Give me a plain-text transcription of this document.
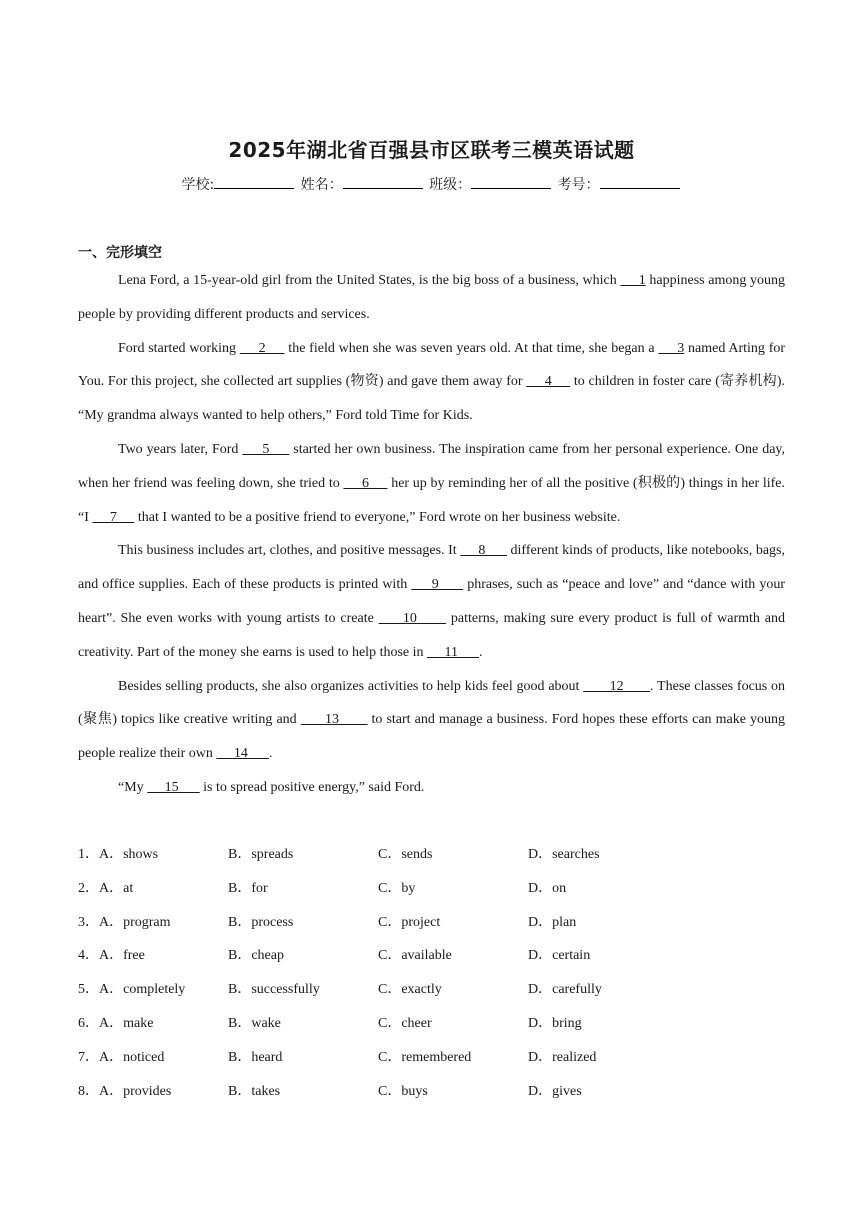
2025年湖北省百强县市区联考三模英语试题
学校:	姓名：	班级：	考号：
一、完形填空

Lena Ford, a 15-year-old girl from the United States, is the big boss of a business, which      1 happiness among young people by providing different products and services.

Ford started working      2      the field when she was seven years old. At that time, she began a      3 named Arting for You. For this project, she collected art supplies (物资) and gave them away for      4      to children in foster care (寄养机构). “My grandma always wanted to help others,” Ford told Time for Kids.

Two years later, Ford      5      started her own business. The inspiration came from her personal experience. One day, when her friend was feeling down, she tried to      6      her up by reminding her of all the positive (积极的) things in her life. “I      7      that I wanted to be a positive friend to everyone,” Ford wrote on her business website.

This business includes art, clothes, and positive messages. It      8       different kinds of products, like notebooks, bags, and office supplies. Each of these products is printed with      9       phrases, such as “peace and love” and “dance with your heart”. She even works with young artists to create      10       patterns, making sure every product is full of warmth and creativity. Part of the money she earns is used to help those in      11      .

Besides selling products, she also organizes activities to help kids feel good about        12       . These classes focus on (聚焦) topics like creative writing and       13        to start and manage a business. Ford hopes these efforts can make young people realize their own      14      .

“My      15       is to spread positive energy,” said Ford.

1．A．shows	B．spreads	C．sends	D．searches
2．A．at	B．for	C．by	D．on
3．A．program	B．process	C．project	D．plan
4．A．free	B．cheap	C．available	D．certain
5．A．completely	B．successfully	C．exactly	D．carefully
6．A．make	B．wake	C．cheer	D．bring
7．A．noticed	B．heard	C．remembered	D．realized
8．A．provides	B．takes	C．buys	D．gives
